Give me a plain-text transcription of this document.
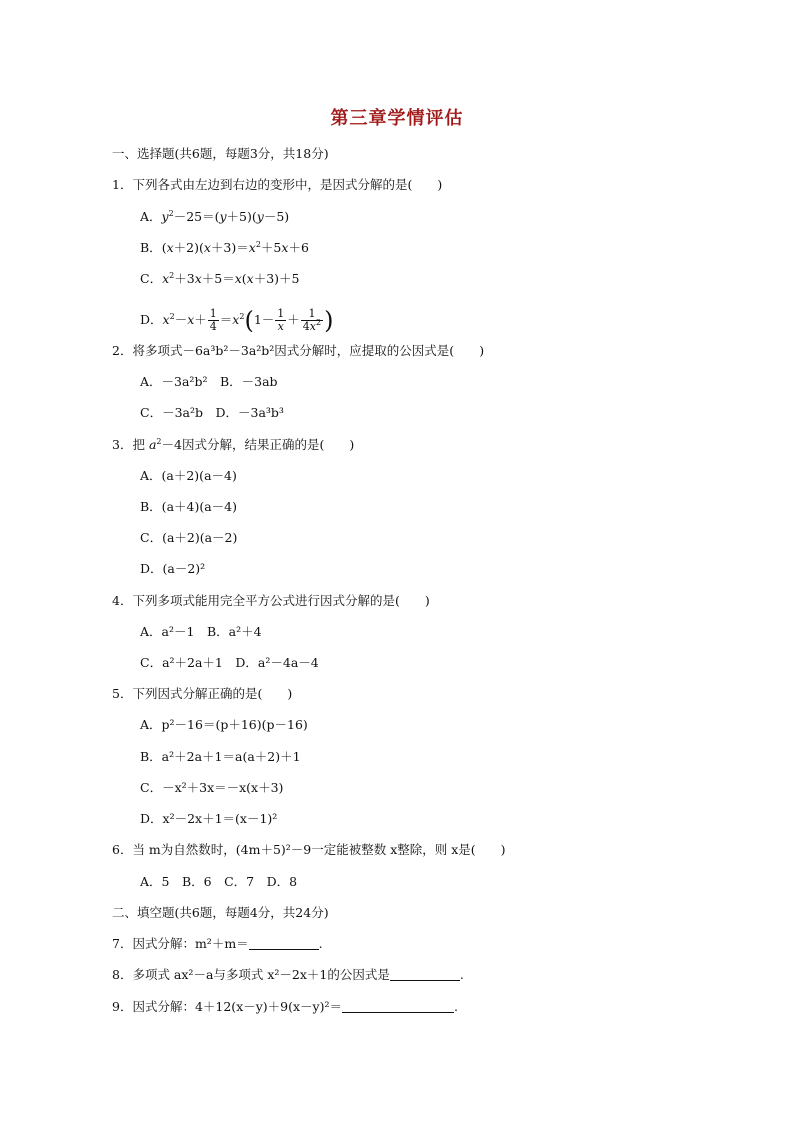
第三章学情评估
一、选择题(共6题，每题3分，共18分)
1．下列各式由左边到右边的变形中，是因式分解的是(　　)
A．$y^2-25=(y+5)(y-5)$
B．$(x+2)(x+3)=x^2+5x+6$
C．$x^2+3x+5=x(x+3)+5$
D．$x^2-x+ \frac{1}{4} =x^2(1- \frac{1}{x} + \frac{1}{4x^2}$ )
2．将多项式－6a³b²－3a²b²因式分解时，应提取的公因式是(　　)
A．－3a²b²　B．－3ab
C．－3a²b　D．－3a³b³
3．把 $a^2-4$因式分解，结果正确的是(　　)
A．(a＋2)(a－4)
B．(a＋4)(a－4)
C．(a＋2)(a－2)
D．(a－2)²
4．下列多项式能用完全平方公式进行因式分解的是(　　)
A．a²－1　B．a²＋4
C．a²＋2a＋1　D．a²－4a－4
5．下列因式分解正确的是(　　)
A．p²－16＝(p＋16)(p－16)
B．a²＋2a＋1＝a(a＋2)＋1
C．－x²＋3x＝－x(x＋3)
D．x²－2x＋1＝(x－1)²
6．当 m为自然数时，(4m＋5)²－9一定能被整数 x整除，则 x是(　　)
A．5　B．6　C．7　D．8
二、填空题(共6题，每题4分，共24分)
7．因式分解：m²＋m＝	.
8．多项式 ax²－a与多项式 x²－2x＋1的公因式是	.
9．因式分解：4＋12(x－y)＋9(x－y)²＝	.
